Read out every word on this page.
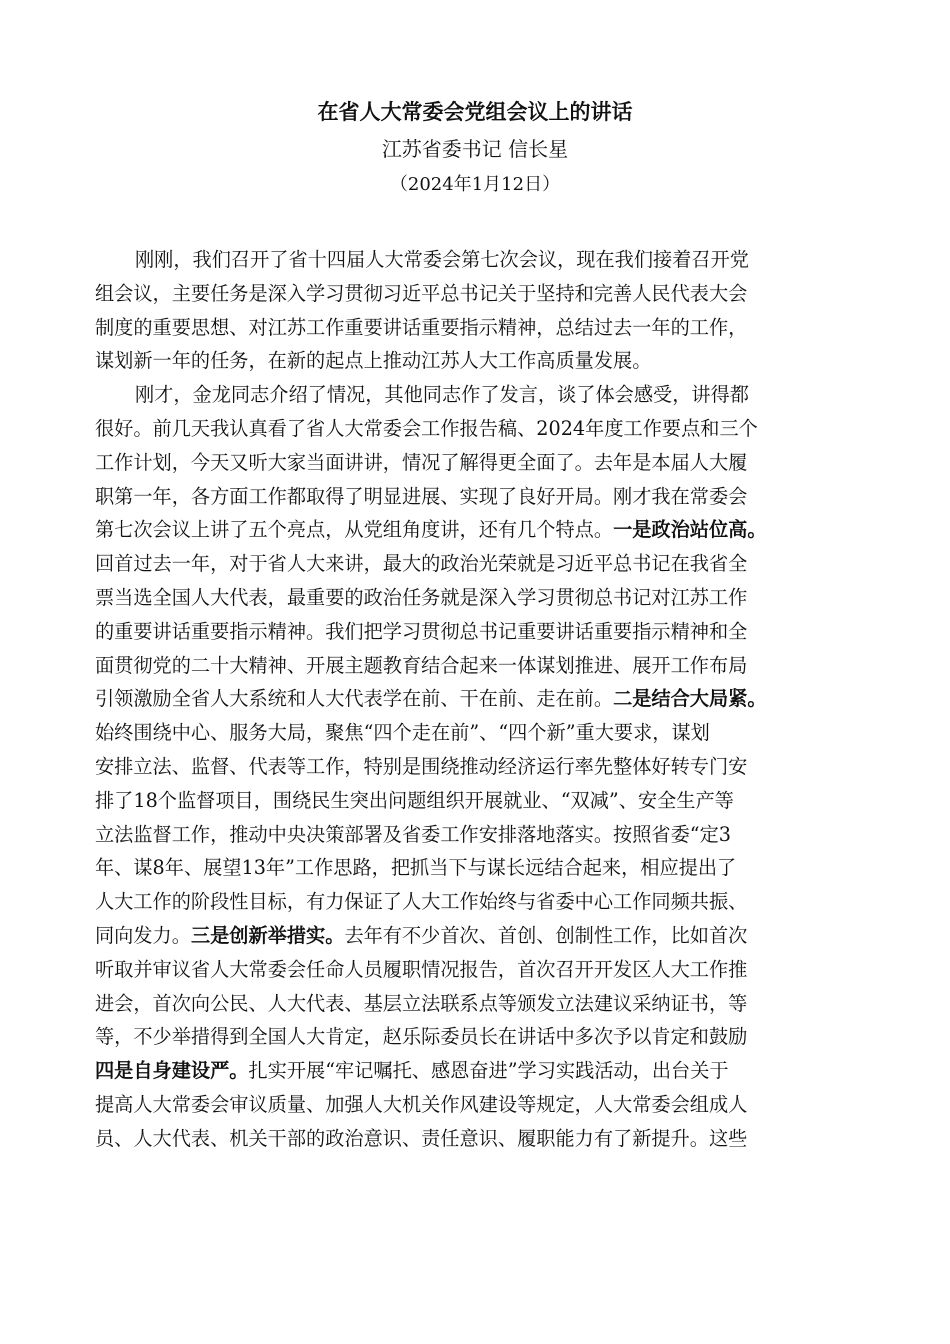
在省人大常委会党组会议上的讲话
江苏省委书记 信长星
（2024年1月12日）
刚刚，我们召开了省十四届人大常委会第七次会议，现在我们接着召开党
组会议，主要任务是深入学习贯彻习近平总书记关于坚持和完善人民代表大会
制度的重要思想、对江苏工作重要讲话重要指示精神，总结过去一年的工作，
谋划新一年的任务，在新的起点上推动江苏人大工作高质量发展。
刚才，金龙同志介绍了情况，其他同志作了发言，谈了体会感受，讲得都
很好。前几天我认真看了省人大常委会工作报告稿、2024年度工作要点和三个
工作计划，今天又听大家当面讲讲，情况了解得更全面了。去年是本届人大履
职第一年，各方面工作都取得了明显进展、实现了良好开局。刚才我在常委会
第七次会议上讲了五个亮点，从党组角度讲，还有几个特点。一是政治站位高。
回首过去一年，对于省人大来讲，最大的政治光荣就是习近平总书记在我省全
票当选全国人大代表，最重要的政治任务就是深入学习贯彻总书记对江苏工作
的重要讲话重要指示精神。我们把学习贯彻总书记重要讲话重要指示精神和全
面贯彻党的二十大精神、开展主题教育结合起来一体谋划推进、展开工作布局
引领激励全省人大系统和人大代表学在前、干在前、走在前。二是结合大局紧。
始终围绕中心、服务大局，聚焦“四个走在前”、“四个新”重大要求，谋划
安排立法、监督、代表等工作，特别是围绕推动经济运行率先整体好转专门安
排了18个监督项目，围绕民生突出问题组织开展就业、“双减”、安全生产等
立法监督工作，推动中央决策部署及省委工作安排落地落实。按照省委“定3
年、谋8年、展望13年”工作思路，把抓当下与谋长远结合起来，相应提出了
人大工作的阶段性目标，有力保证了人大工作始终与省委中心工作同频共振、
同向发力。三是创新举措实。去年有不少首次、首创、创制性工作，比如首次
听取并审议省人大常委会任命人员履职情况报告，首次召开开发区人大工作推
进会，首次向公民、人大代表、基层立法联系点等颁发立法建议采纳证书，等
等，不少举措得到全国人大肯定，赵乐际委员长在讲话中多次予以肯定和鼓励
四是自身建设严。扎实开展“牢记嘱托、感恩奋进”学习实践活动，出台关于
提高人大常委会审议质量、加强人大机关作风建设等规定，人大常委会组成人
员、人大代表、机关干部的政治意识、责任意识、履职能力有了新提升。这些
